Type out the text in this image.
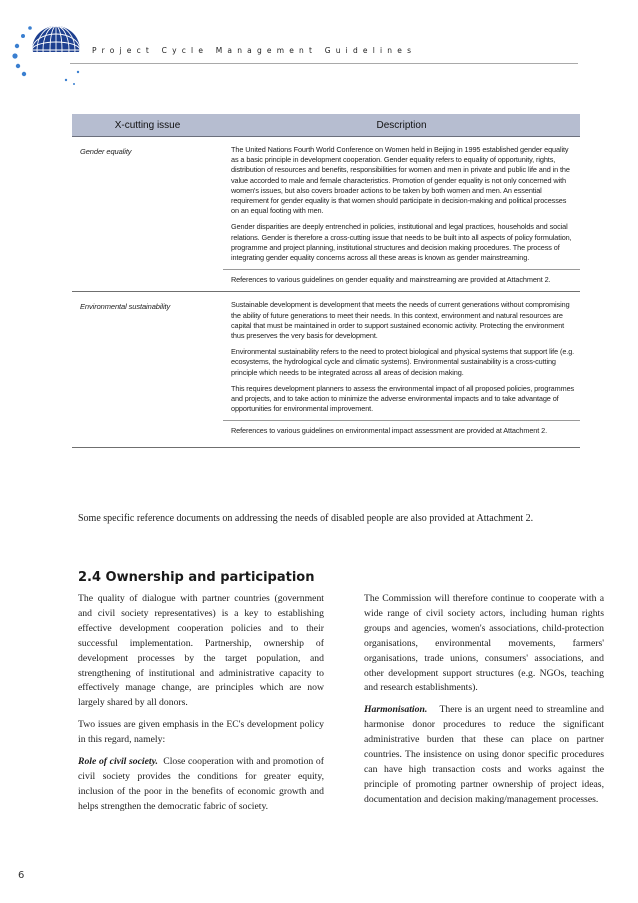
Project Cycle Management Guidelines
X-cutting issue	Description
Gender equality	The United Nations Fourth World Conference on Women held in Beijing in 1995 established gender equality as a basic principle in development cooperation. Gender equality refers to equality of opportunity, rights, distribution of resources and benefits, responsibilities for women and men in private and public life and in the value accorded to male and female characteristics. Promotion of gender equality is not only concerned with women's issues, but also covers broader actions to be taken by both women and men. An essential requirement for gender equality is that women should participate in decision-making and political processes on an equal footing with men.

Gender disparities are deeply entrenched in policies, institutional and legal practices, households and social relations. Gender is therefore a cross-cutting issue that needs to be built into all aspects of policy formulation, programme and project planning, institutional structures and decision making procedures. The process of integrating gender equality concerns across all these areas is known as gender mainstreaming.

References to various guidelines on gender equality and mainstreaming are provided at Attachment 2.

Environmental sustainability	Sustainable development is development that meets the needs of current generations without compromising the ability of future generations to meet their needs. In this context, environment and natural resources are capital that must be maintained in order to support sustained economic activity. Protecting the environment thus preserves the very basis for development.

Environmental sustainability refers to the need to protect biological and physical systems that support life (e.g. ecosystems, the hydrological cycle and climatic systems). Environmental sustainability is a cross-cutting principle which needs to be integrated across all areas of decision making.

This requires development planners to assess the environmental impact of all proposed policies, programmes and projects, and to take action to minimize the adverse environmental impacts and to take advantage of opportunities for environmental improvement.

References to various guidelines on environmental impact assessment are provided at Attachment 2.

Some specific reference documents on addressing the needs of disabled people are also provided at Attachment 2.
2.4 Ownership and participation

The quality of dialogue with partner countries (government and civil society representatives) is a key to establishing effective development cooperation policies and to their successful implementation. Partnership, ownership of development processes by the target population, and strengthening of institutional and administrative capacity to effectively manage change, are principles which are now largely shared by all donors.

Two issues are given emphasis in the EC's development policy in this regard, namely:

Role of civil society. Close cooperation with and promotion of civil society provides the conditions for greater equity, inclusion of the poor in the benefits of economic growth and helps strengthen the democratic fabric of society.

The Commission will therefore continue to cooperate with a wide range of civil society actors, including human rights groups and agencies, women's associations, child-protection organisations, environmental movements, farmers' organisations, trade unions, consumers' associations, and other development support structures (e.g. NGOs, teaching and research establishments).

Harmonisation. There is an urgent need to streamline and harmonise donor procedures to reduce the significant administrative burden that these can place on partner countries. The insistence on using donor specific procedures can have high transaction costs and works against the principle of promoting partner ownership of project ideas, documentation and decision making/management processes.

6
